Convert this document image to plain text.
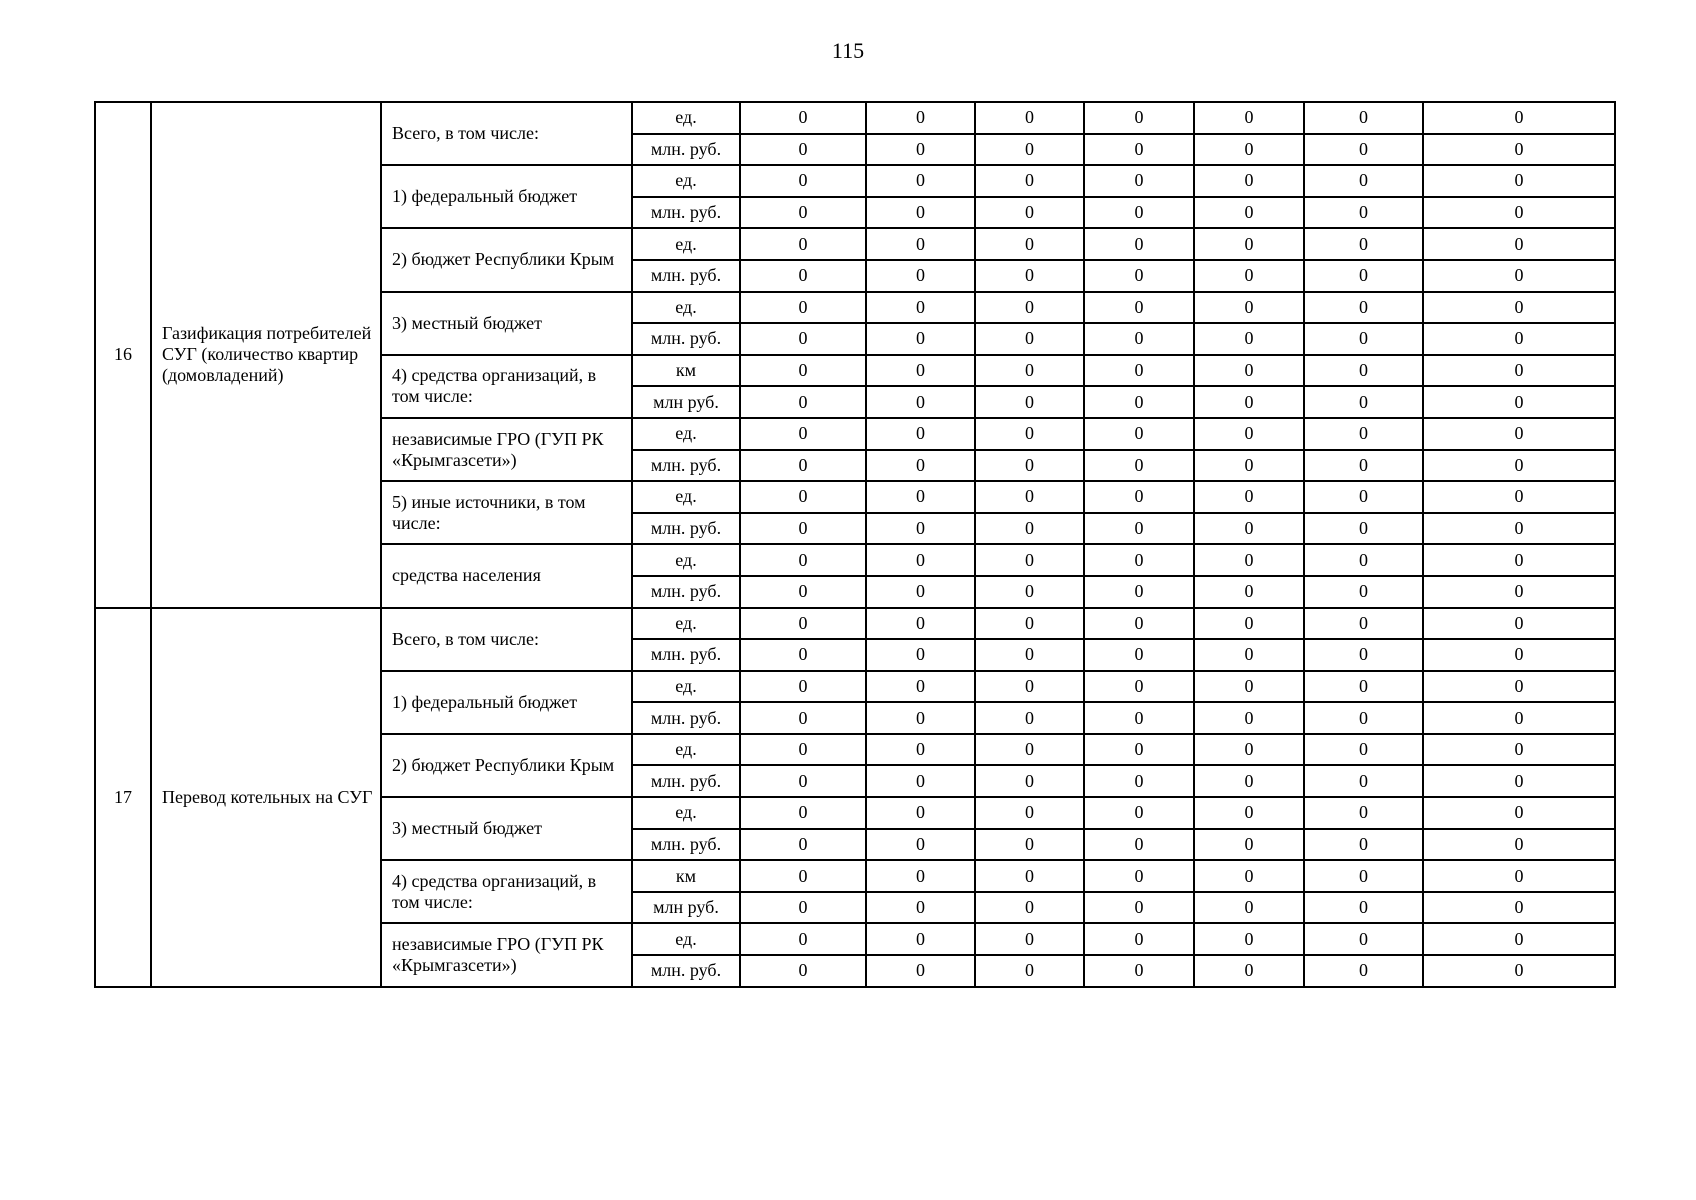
115
16	Газификация потребителей СУГ (количество квартир (домовладений)	Всего, в том числе:	ед.	0	0	0	0	0	0	0
			млн. руб.	0	0	0	0	0	0	0
		1) федеральный бюджет	ед.	0	0	0	0	0	0	0
			млн. руб.	0	0	0	0	0	0	0
		2) бюджет Республики Крым	ед.	0	0	0	0	0	0	0
			млн. руб.	0	0	0	0	0	0	0
		3) местный бюджет	ед.	0	0	0	0	0	0	0
			млн. руб.	0	0	0	0	0	0	0
		4) средства организаций, в том числе:	км	0	0	0	0	0	0	0
			млн руб.	0	0	0	0	0	0	0
		независимые ГРО (ГУП РК «Крымгазсети»)	ед.	0	0	0	0	0	0	0
			млн. руб.	0	0	0	0	0	0	0
		5) иные источники, в том числе:	ед.	0	0	0	0	0	0	0
			млн. руб.	0	0	0	0	0	0	0
		средства населения	ед.	0	0	0	0	0	0	0
			млн. руб.	0	0	0	0	0	0	0
17	Перевод котельных на СУГ	Всего, в том числе:	ед.	0	0	0	0	0	0	0
			млн. руб.	0	0	0	0	0	0	0
		1) федеральный бюджет	ед.	0	0	0	0	0	0	0
			млн. руб.	0	0	0	0	0	0	0
		2) бюджет Республики Крым	ед.	0	0	0	0	0	0	0
			млн. руб.	0	0	0	0	0	0	0
		3) местный бюджет	ед.	0	0	0	0	0	0	0
			млн. руб.	0	0	0	0	0	0	0
		4) средства организаций, в том числе:	км	0	0	0	0	0	0	0
			млн руб.	0	0	0	0	0	0	0
		независимые ГРО (ГУП РК «Крымгазсети»)	ед.	0	0	0	0	0	0	0
			млн. руб.	0	0	0	0	0	0	0
